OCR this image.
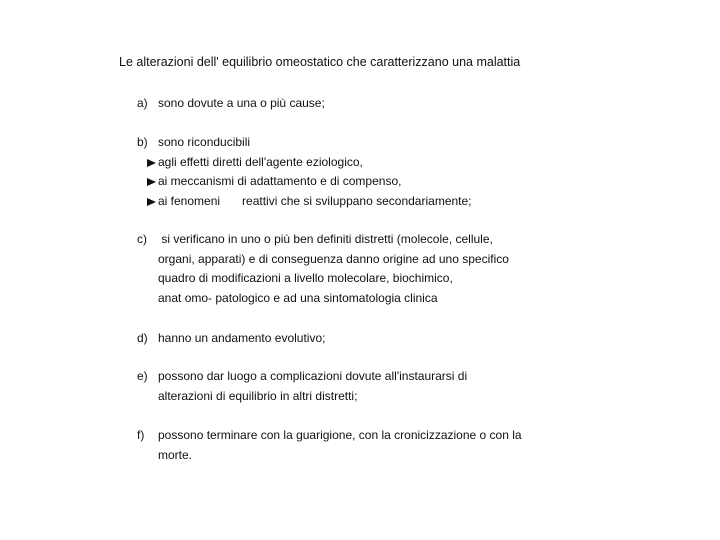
Le alterazioni dell' equilibrio omeostatico che caratterizzano una malattia
a) sono dovute a una o più cause;
b) sono riconducibili
agli effetti diretti dell'agente eziologico,
ai meccanismi di adattamento e di compenso,
ai fenomeni reattivi che si sviluppano secondariamente;
c) si verificano in uno o più ben definiti distretti (molecole, cellule,
organi, apparati) e di conseguenza danno origine ad uno specifico
quadro di modificazioni a livello molecolare, biochimico,
anat omo- patologico e ad una sintomatologia clinica
d) hanno un andamento evolutivo;
e) possono dar luogo a complicazioni dovute all'instaurarsi di
alterazioni di equilibrio in altri distretti;
f)	possono terminare con la guarigione, con la cronicizzazione o con la
morte.
